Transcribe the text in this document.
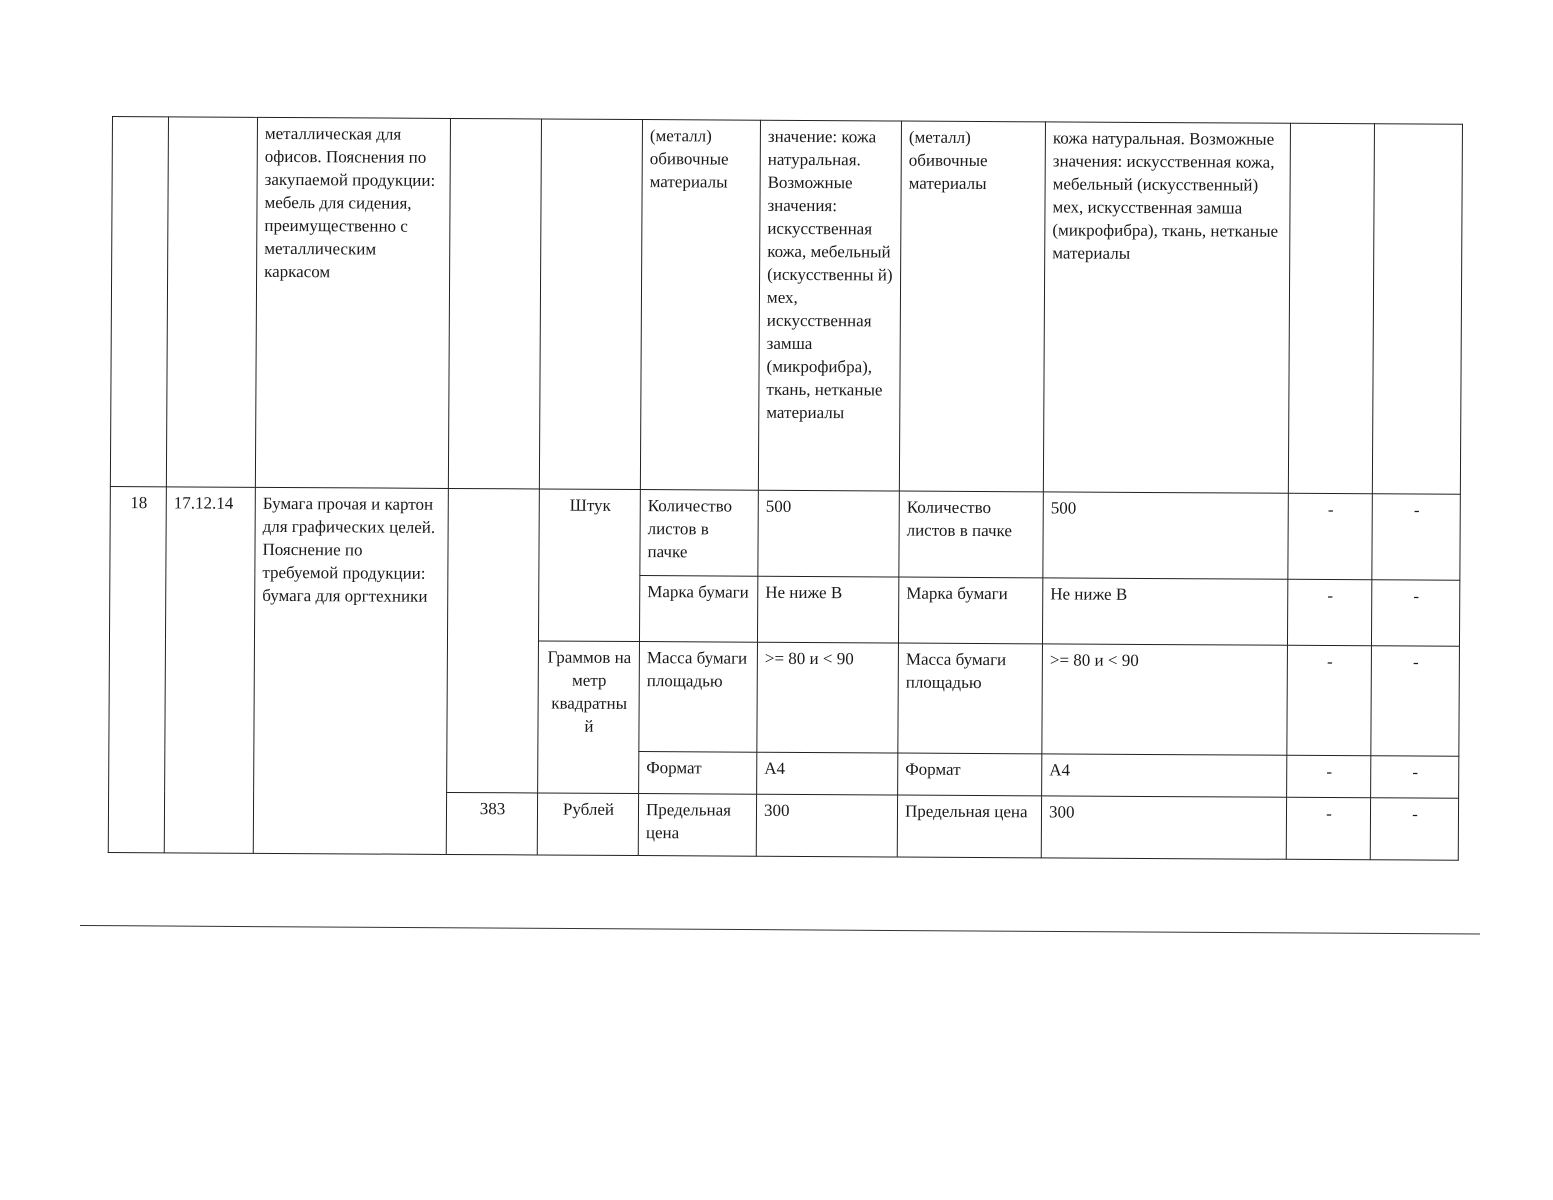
		металлическая для офисов. Пояснения по закупаемой продукции: мебель для сидения, преимущественно с металлическим каркасом			(металл) обивочные материалы	значение: кожа натуральная. Возможные значения: искусственная кожа, мебельный (искусственны й) мех, искусственная замша (микрофибра), ткань, нетканые материалы	(металл) обивочные материалы	кожа натуральная. Возможные значения: искусственная кожа, мебельный (искусственный) мех, искусственная замша (микрофибра), ткань, нетканые материалы		
18	17.12.14	Бумага прочая и картон для графических целей. Пояснение по требуемой продукции: бумага для оргтехники		Штук	Количество листов в пачке	500	Количество листов в пачке	500	-	-
					Марка бумаги	Не ниже B	Марка бумаги	Не ниже B	-	-
				Граммов на метр квадратны й	Масса бумаги площадью	>= 80 и < 90	Масса бумаги площадью	>= 80 и < 90	-	-
					Формат	A4	Формат	A4	-	-
			383	Рублей	Предельная цена	300	Предельная цена	300	-	-
